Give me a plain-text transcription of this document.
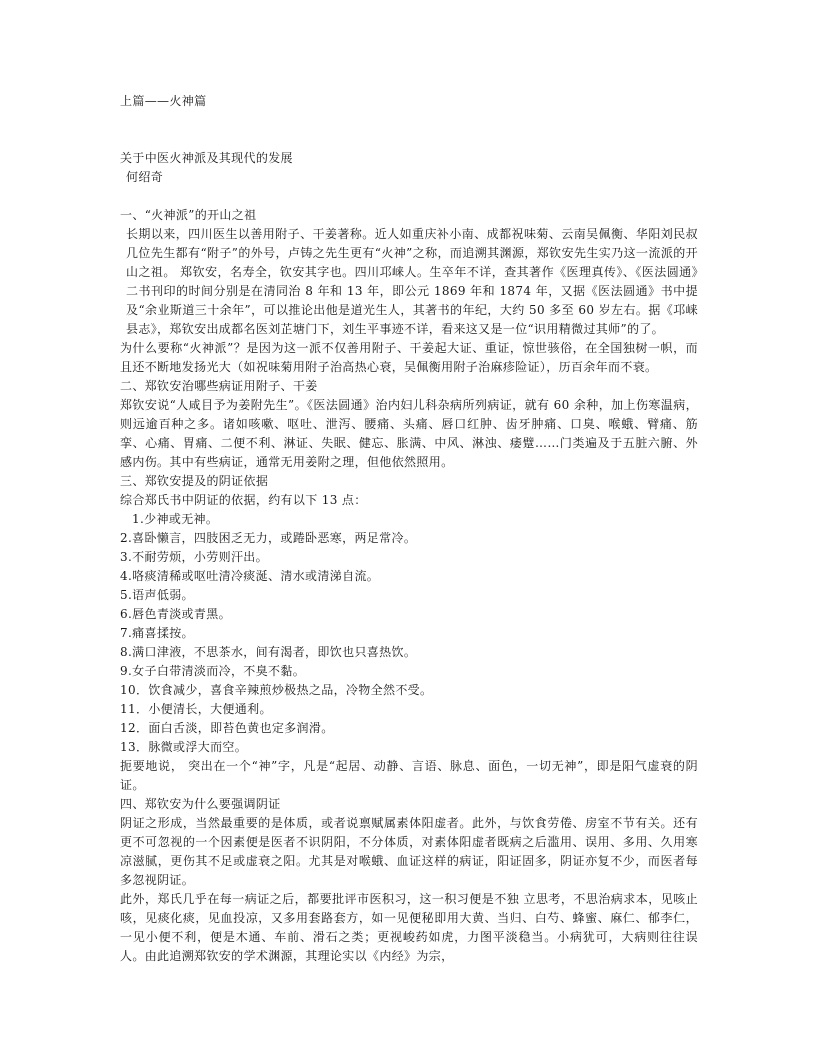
上篇——火神篇

关于中医火神派及其现代的发展

何绍奇

一、“火神派”的开山之祖

长期以来，四川医生以善用附子、干姜著称。近人如重庆补小南、成都祝味菊、云南吴佩衡、华阳刘民叔几位先生都有“附子”的外号，卢铸之先生更有“火神”之称，而追溯其渊源，郑钦安先生实乃这一流派的开山之祖。 郑钦安，名寿全，钦安其字也。四川邛崃人。生卒年不详，查其著作《医理真传》、《医法圆通》二书刊印的时间分别是在清同治 8 年和 13 年，即公元 1869 年和 1874 年，又据《医法圆通》书中提及“余业斯道三十余年”，可以推论出他是道光生人，其著书的年纪，大约 50 多至 60 岁左右。据《邛崃县志》，郑钦安出成都名医刘芷塘门下，刘生平事迹不详，看来这又是一位“识用精微过其师”的了。

为什么要称“火神派”？是因为这一派不仅善用附子、干姜起大证、重证，惊世骇俗，在全国独树一帜，而且还不断地发扬光大（如祝味菊用附子治高热心衰，吴佩衡用附子治麻疹险证），历百余年而不衰。

二、郑钦安治哪些病证用附子、干姜

郑钦安说“人咸目予为姜附先生”。《医法圆通》治内妇儿科杂病所列病证，就有 60 余种，加上伤寒温病，则远逾百种之多。诸如咳嗽、呕吐、泄泻、腰痛、头痛、唇口红肿、齿牙肿痛、口臭、喉蛾、臂痛、筋挛、心痛、胃痛、二便不利、淋证、失眠、健忘、胀满、中风、淋浊、痿躄……门类遍及于五脏六腑、外感内伤。其中有些病证，通常无用姜附之理，但他依然照用。

三、郑钦安提及的阴证依据

综合郑氏书中阴证的依据，约有以下 13 点：

1.少神或无神。

2.喜卧懒言，四肢困乏无力，或踡卧恶寒，两足常冷。

3.不耐劳烦，小劳则汗出。

4.咯痰清稀或呕吐清冷痰涎、清水或清涕自流。

5.语声低弱。

6.唇色青淡或青黑。

7.痛喜揉按。

8.满口津液，不思茶水，间有渴者，即饮也只喜热饮。

9.女子白带清淡而冷，不臭不黏。

10．饮食减少，喜食辛辣煎炒极热之品，冷物全然不受。

11．小便清长，大便通利。

12．面白舌淡，即苔色黄也定多润滑。

13．脉微或浮大而空。

扼要地说， 突出在一个“神”字，凡是“起居、动静、言语、脉息、面色，一切无神”，即是阳气虚衰的阴证。

四、郑钦安为什么要强调阴证

阴证之形成，当然最重要的是体质，或者说禀赋属素体阳虚者。此外，与饮食劳倦、房室不节有关。还有更不可忽视的一个因素便是医者不识阴阳，不分体质，对素体阳虚者既病之后滥用、误用、多用、久用寒凉滋腻，更伤其不足或虚衰之阳。尤其是对喉蛾、血证这样的病证，阳证固多，阴证亦复不少，而医者每多忽视阴证。

此外，郑氏几乎在每一病证之后，都要批评市医积习，这一积习便是不独 立思考，不思治病求本，见咳止咳，见痰化痰，见血投凉，又多用套路套方，如一见便秘即用大黄、当归、白芍、蜂蜜、麻仁、郁李仁，一见小便不利，便是木通、车前、滑石之类；更视峻药如虎，力图平淡稳当。小病犹可，大病则往往误人。由此追溯郑钦安的学术渊源，其理论实以《内经》为宗，
